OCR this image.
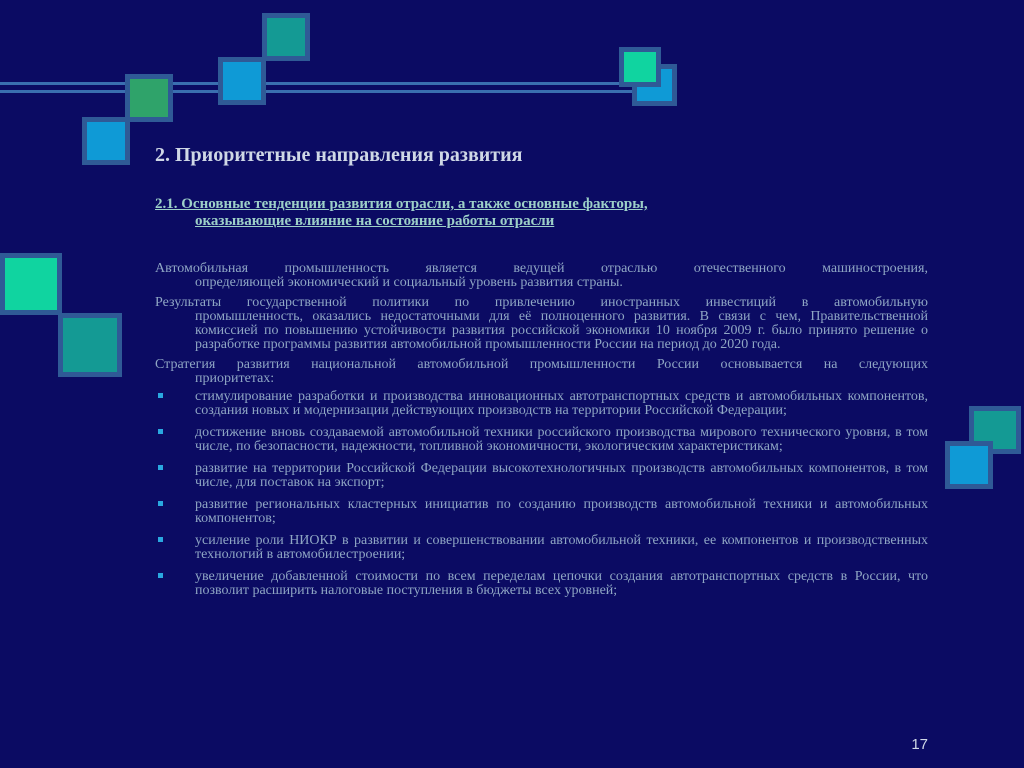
2. Приоритетные направления развития
2.1. Основные тенденции развития отрасли, а также основные факторы,
оказывающие влияние на состояние работы отрасли

Автомобильная промышленность является ведущей отраслью отечественного машиностроения,
определяющей экономический и социальный уровень развития страны.

Результаты государственной политики по привлечению иностранных инвестиций в автомобильную
промышленность, оказались недостаточными для её полноценного развития. В связи с чем, Правительственной комиссией по повышению устойчивости развития российской экономики 10 ноября 2009 г. было принято решение о разработке программы развития автомобильной промышленности России на период до 2020 года.

Стратегия развития национальной автомобильной промышленности России основывается на следующих
приоритетах:

стимулирование разработки и производства инновационных автотранспортных средств и автомобильных компонентов, создания новых и модернизации действующих производств на территории Российской Федерации;
достижение вновь создаваемой автомобильной техники российского производства мирового технического уровня, в том числе, по безопасности, надежности, топливной экономичности, экологическим характеристикам;
развитие на территории Российской Федерации высокотехнологичных производств автомобильных компонентов, в том числе, для поставок на экспорт;
развитие региональных кластерных инициатив по созданию производств автомобильной техники и автомобильных компонентов;
усиление роли НИОКР в развитии и совершенствовании автомобильной техники, ее компонентов и производственных технологий в автомобилестроении;
увеличение добавленной стоимости по всем переделам цепочки создания автотранспортных средств в России, что позволит расширить налоговые поступления в бюджеты всех уровней;
17
